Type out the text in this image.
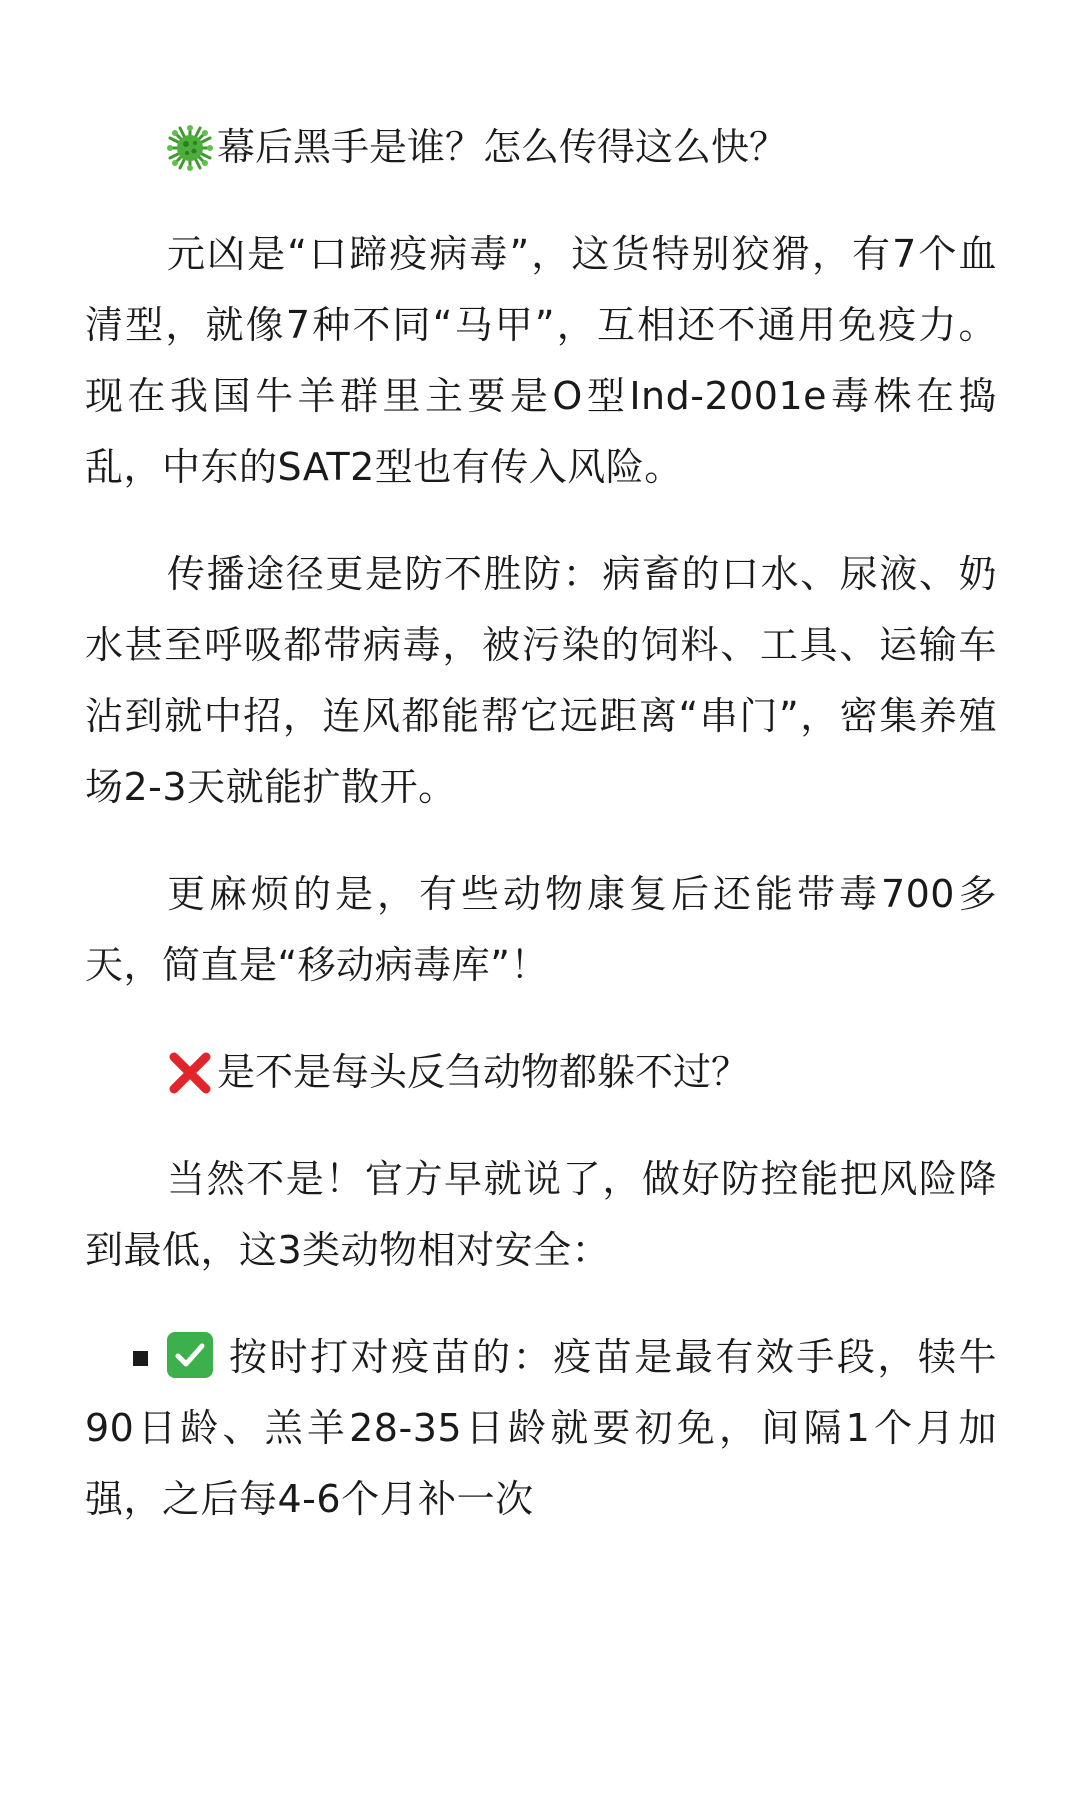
幕后黑手是谁？怎么传得这么快？

元凶是“口蹄疫病毒”，这货特别狡猾，有7个血清型，就像7种不同“马甲”，互相还不通用免疫力。现在我国牛羊群里主要是O型Ind-2001e毒株在捣乱，中东的SAT2型也有传入风险。

传播途径更是防不胜防：病畜的口水、尿液、奶水甚至呼吸都带病毒，被污染的饲料、工具、运输车沾到就中招，连风都能帮它远距离“串门”，密集养殖场2-3天就能扩散开。

更麻烦的是，有些动物康复后还能带毒700多天，简直是“移动病毒库”！

是不是每头反刍动物都躲不过？

当然不是！官方早就说了，做好防控能把风险降到最低，这3类动物相对安全：

按时打对疫苗的：疫苗是最有效手段，犊牛90日龄、羔羊28-35日龄就要初免，间隔1个月加强，之后每4-6个月补一次
